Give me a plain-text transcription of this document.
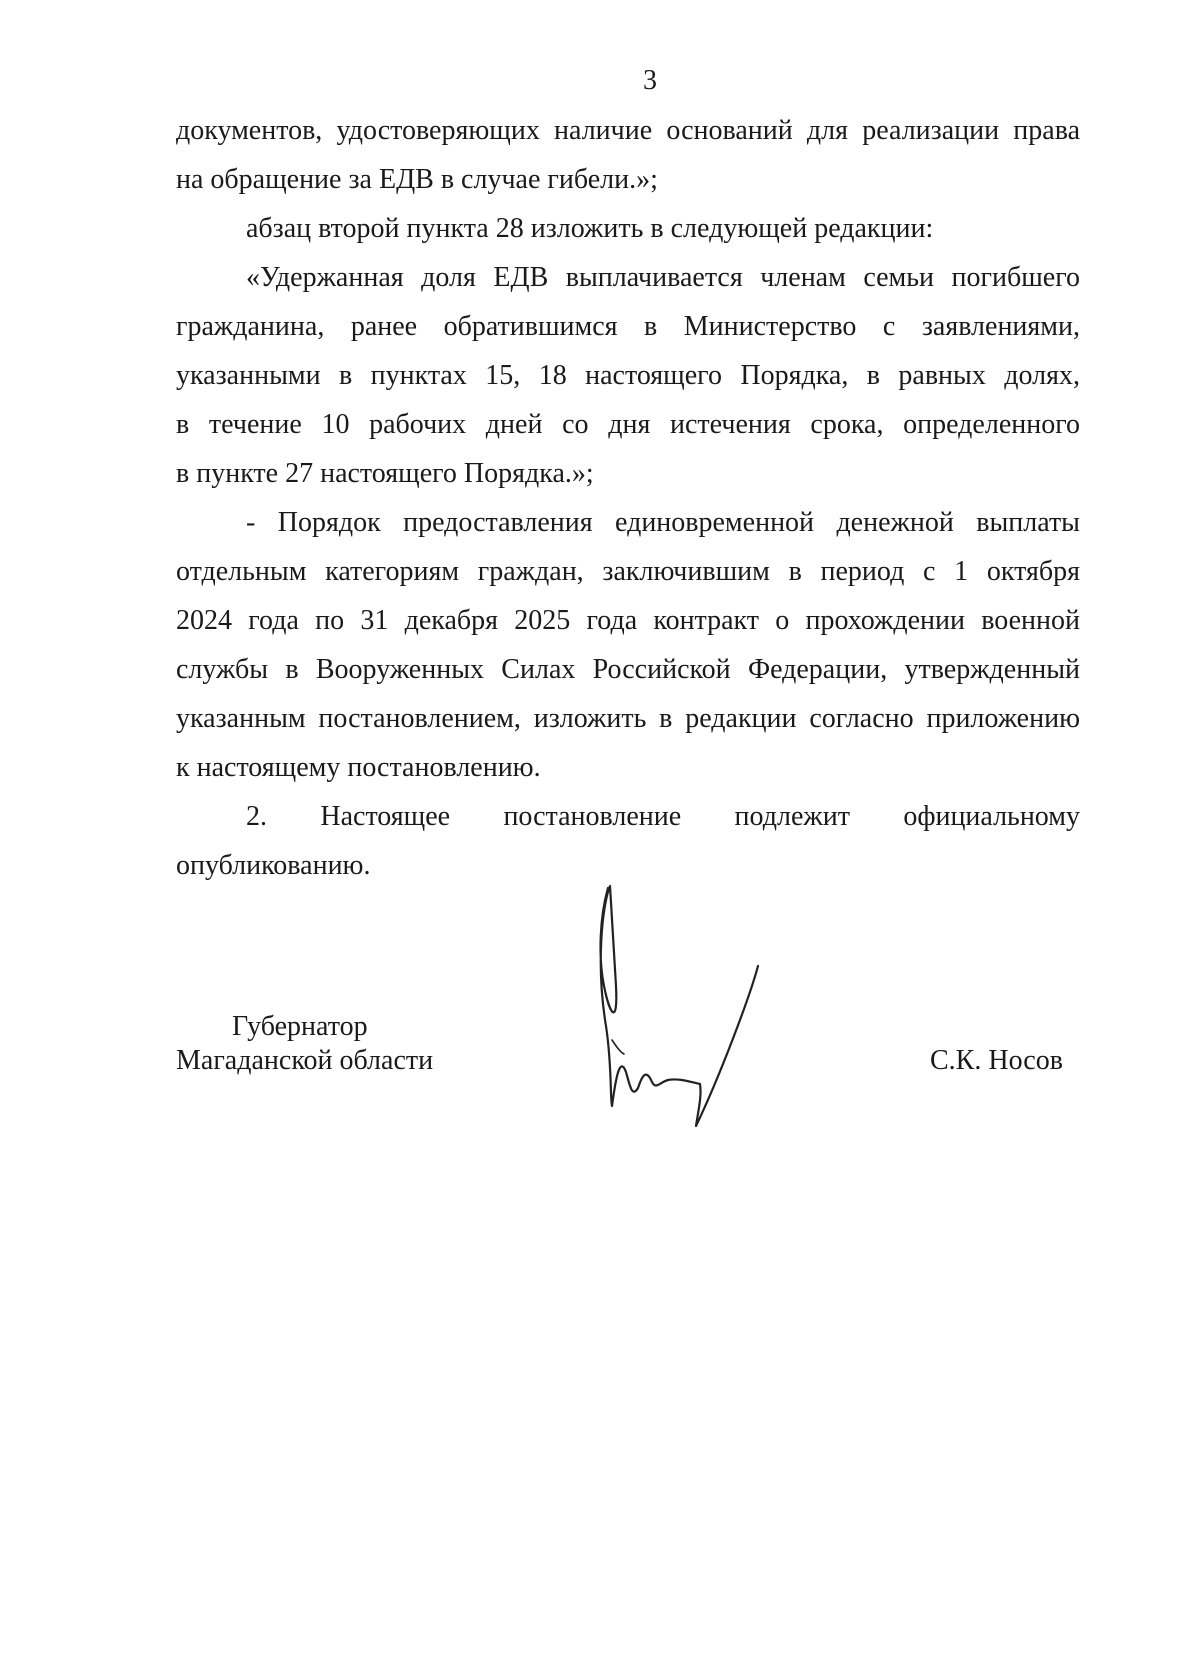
3

документов, удостоверяющих наличие оснований для реализации права
на обращение за ЕДВ в случае гибели.»;

абзац второй пункта 28 изложить в следующей редакции:

«Удержанная доля ЕДВ выплачивается членам семьи погибшего
гражданина, ранее обратившимся в Министерство с заявлениями,
указанными в пунктах 15, 18 настоящего Порядка, в равных долях,
в течение 10 рабочих дней со дня истечения срока, определенного
в пункте 27 настоящего Порядка.»;

- Порядок предоставления единовременной денежной выплаты
отдельным категориям граждан, заключившим в период с 1 октября
2024 года по 31 декабря 2025 года контракт о прохождении военной
службы в Вооруженных Силах Российской Федерации, утвержденный
указанным постановлением, изложить в редакции согласно приложению
к настоящему постановлению.

2. Настоящее постановление подлежит официальному
опубликованию.

Губернатор
Магаданской области	С.К. Носов
